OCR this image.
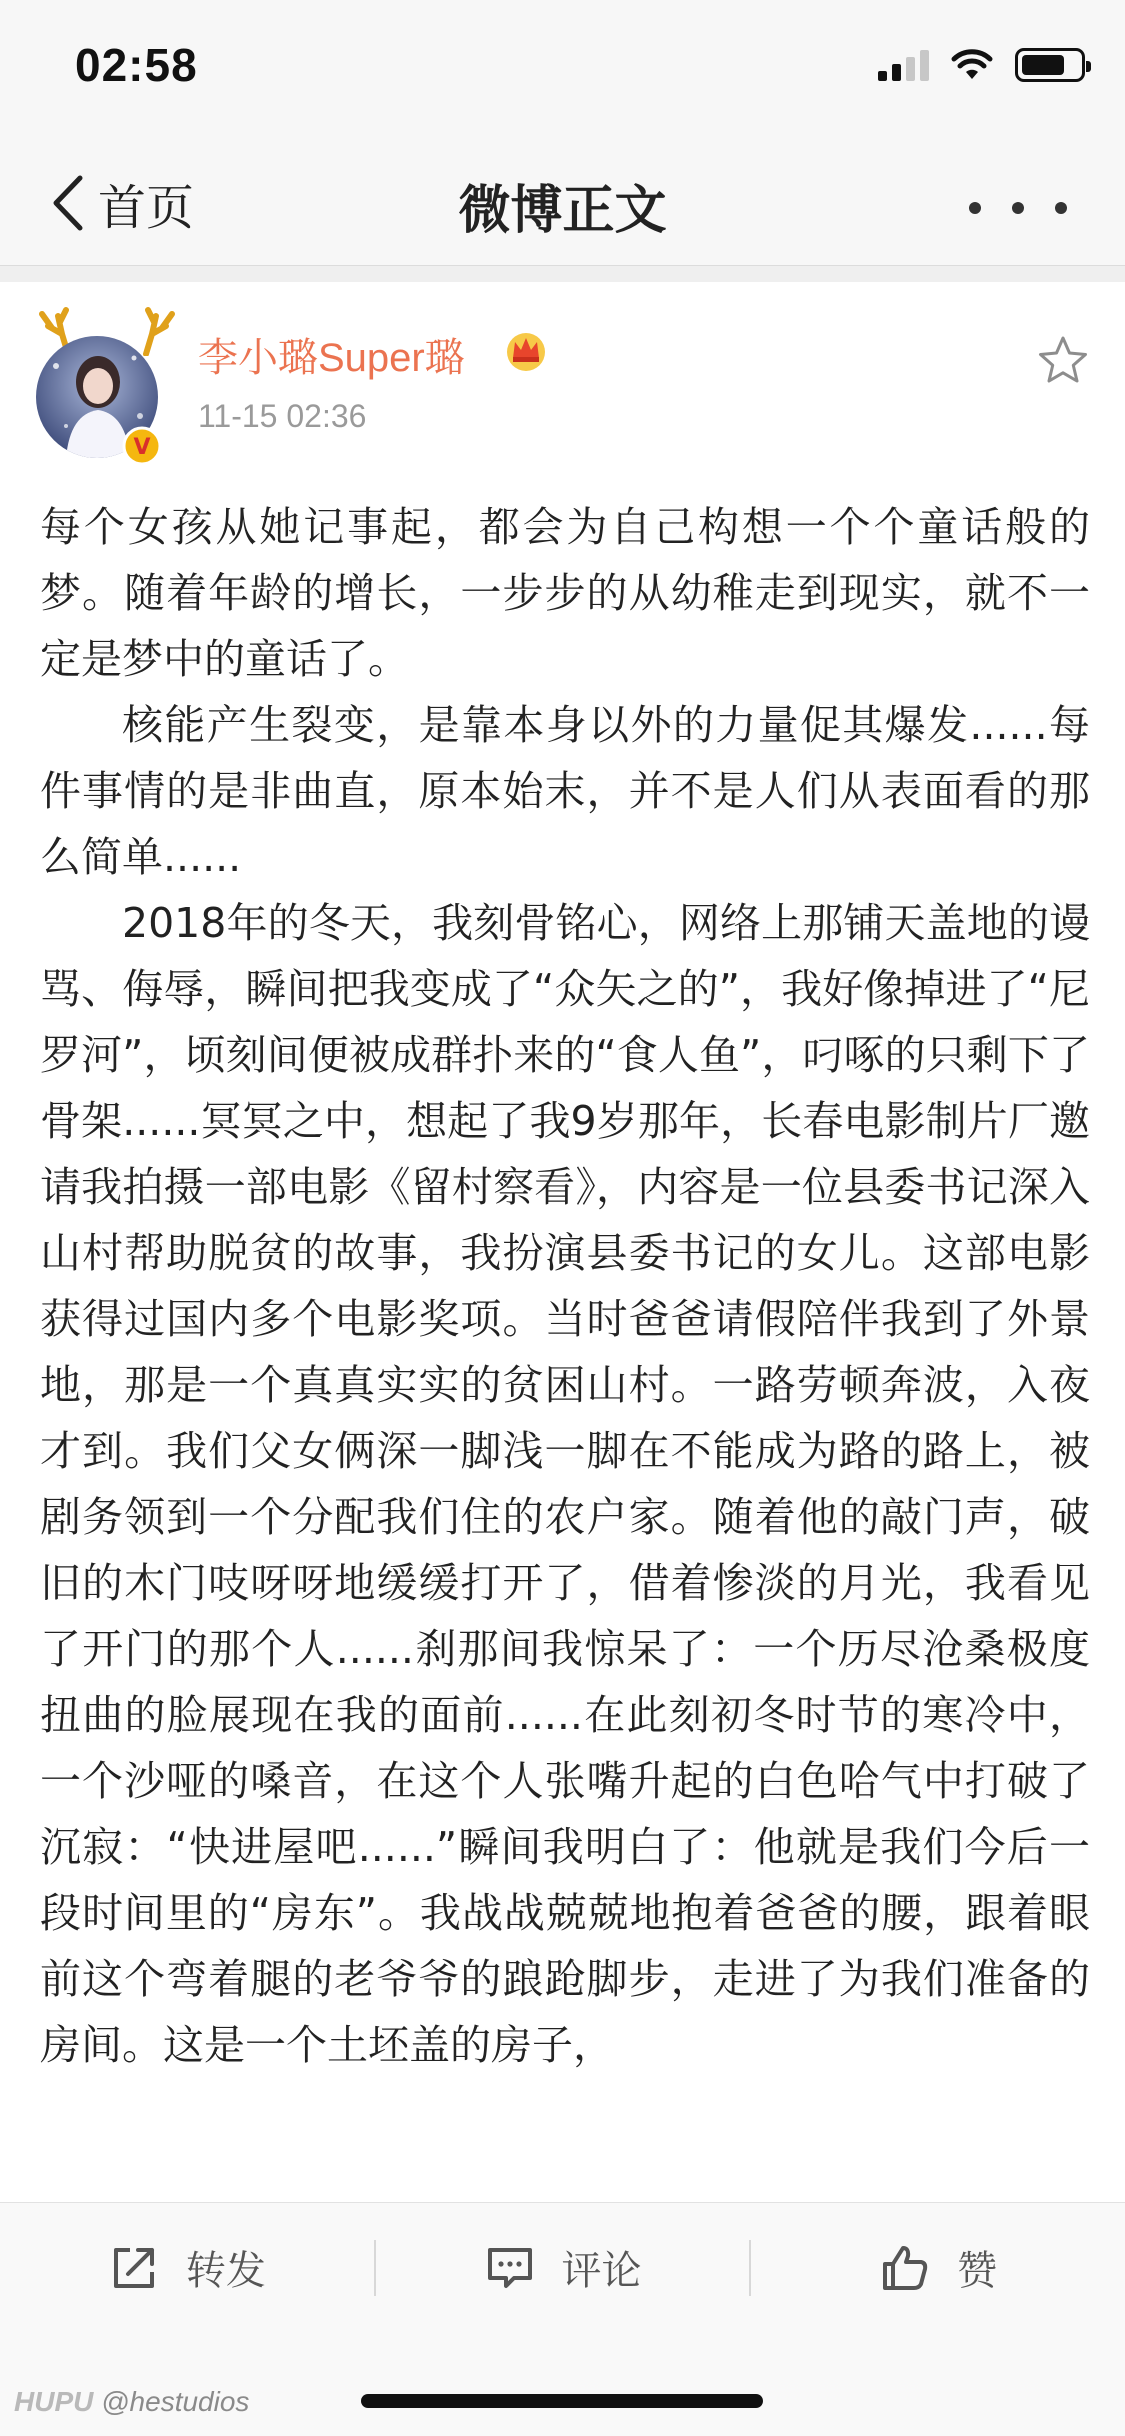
02:58
首页	微博正文
V
李小璐Super璐
11-15 02:36

每个女孩从她记事起，都会为自己构想一个个童话般的梦。随着年龄的增长，一步步的从幼稚走到现实，就不一定是梦中的童话了。

核能产生裂变，是靠本身以外的力量促其爆发......每件事情的是非曲直，原本始末，并不是人们从表面看的那么简单......

2018年的冬天，我刻骨铭心，网络上那铺天盖地的谩骂、侮辱，瞬间把我变成了“众矢之的”，我好像掉进了“尼罗河”，顷刻间便被成群扑来的“食人鱼”，叼啄的只剩下了骨架......冥冥之中，想起了我9岁那年，长春电影制片厂邀请我拍摄一部电影《留村察看》，内容是一位县委书记深入山村帮助脱贫的故事，我扮演县委书记的女儿。这部电影获得过国内多个电影奖项。当时爸爸请假陪伴我到了外景地，那是一个真真实实的贫困山村。一路劳顿奔波，入夜才到。我们父女俩深一脚浅一脚在不能成为路的路上，被剧务领到一个分配我们住的农户家。随着他的敲门声，破旧的木门吱呀呀地缓缓打开了，借着惨淡的月光，我看见了开门的那个人......刹那间我惊呆了：一个历尽沧桑极度扭曲的脸展现在我的面前......在此刻初冬时节的寒冷中，一个沙哑的嗓音，在这个人张嘴升起的白色哈气中打破了沉寂：“快进屋吧......”瞬间我明白了：他就是我们今后一段时间里的“房东”。我战战兢兢地抱着爸爸的腰，跟着眼前这个弯着腿的老爷爷的踉跄脚步，走进了为我们准备的房间。这是一个土坯盖的房子，

转发	评论	赞
HUPU @hestudios
